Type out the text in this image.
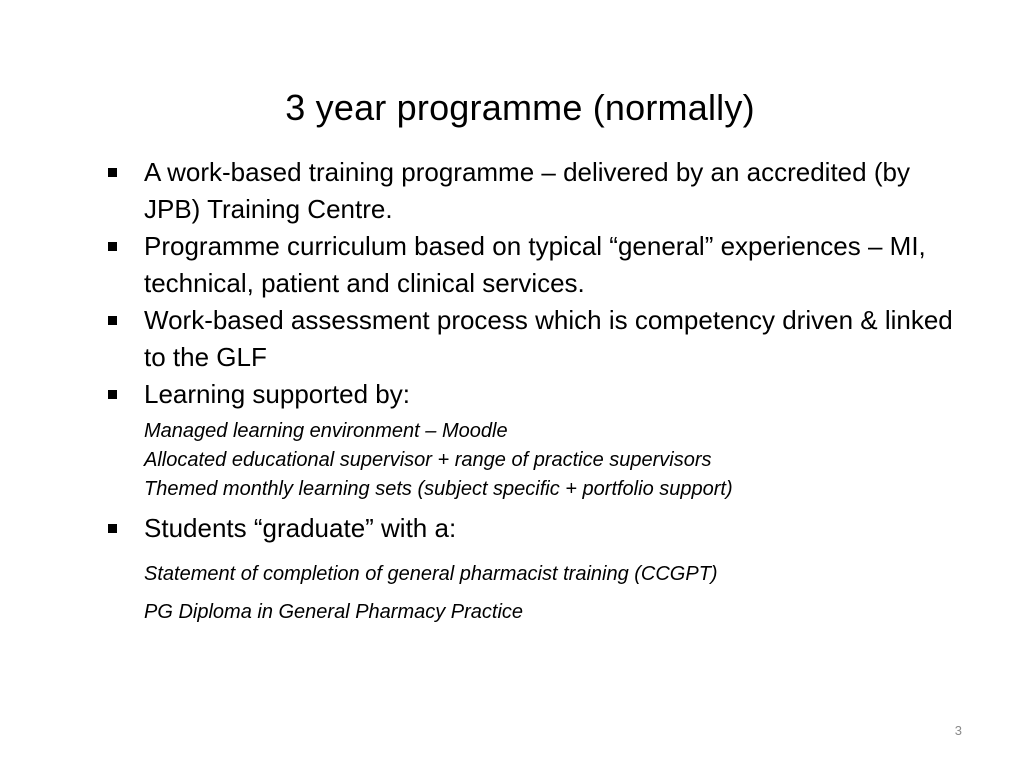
3 year programme (normally)
A work-based training programme – delivered by an accredited (by JPB) Training Centre.
Programme curriculum based on typical “general” experiences – MI, technical, patient and clinical services.
Work-based assessment process which is competency driven & linked to the GLF
Learning supported by:
Managed learning environment – Moodle
Allocated educational supervisor + range of practice supervisors
Themed monthly learning sets (subject specific + portfolio support)
Students “graduate” with a:
Statement of completion of general pharmacist training (CCGPT)
PG Diploma in General Pharmacy Practice
3
